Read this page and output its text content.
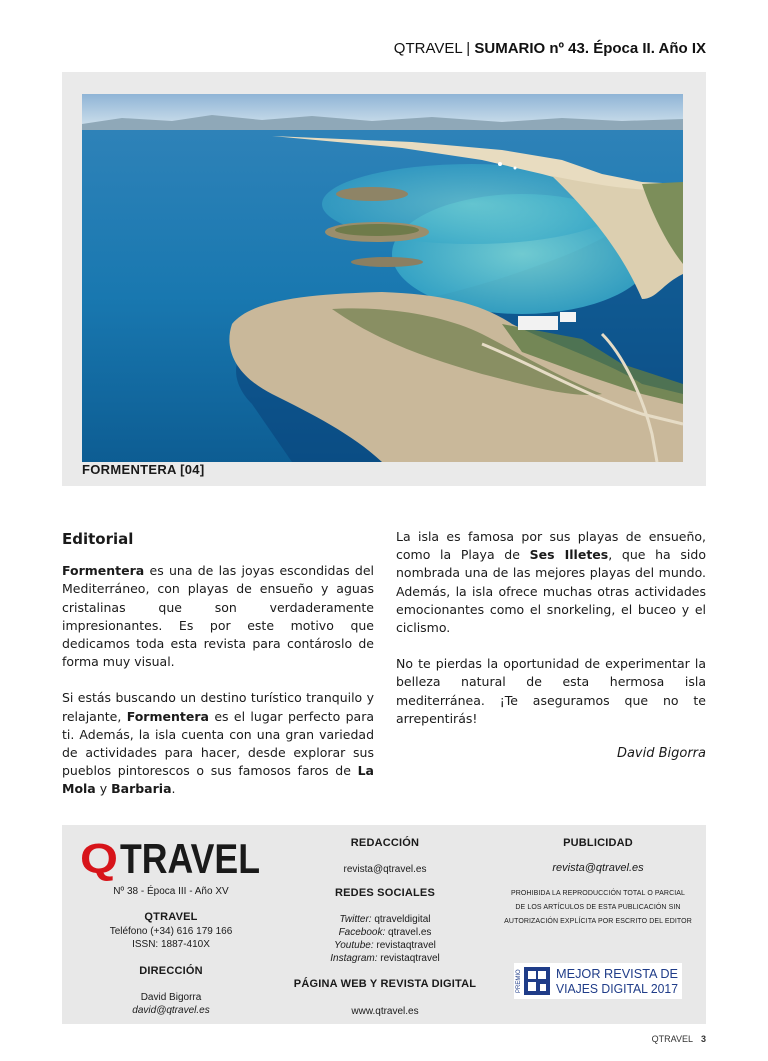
QTRAVEL | SUMARIO nº 43. Época II. Año IX
FORMENTERA [04]
Editorial

Formentera es una de las joyas escondidas del Mediterráneo, con playas de ensueño y aguas cristalinas que son verdaderamente impresionantes. Es por este motivo que dedicamos toda esta revista para contároslo de forma muy visual.

Si estás buscando un destino turístico tranquilo y relajante, Formentera es el lugar perfecto para ti. Además, la isla cuenta con una gran variedad de actividades para hacer, desde explorar sus pueblos pintorescos o sus famosos faros de La Mola y Barbaria.

La isla es famosa por sus playas de ensueño, como la Playa de Ses Illetes, que ha sido nombrada una de las mejores playas del mundo. Además, la isla ofrece muchas otras actividades emocionantes como el snorkeling, el buceo y el ciclismo.

No te pierdas la oportunidad de experimentar la belleza natural de esta hermosa isla mediterránea. ¡Te aseguramos que no te arrepentirás!

David Bigorra
Q TRAVEL
Nº 38 - Época III - Año XV
QTRAVEL
Teléfono (+34) 616 179 166
ISSN: 1887-410X
DIRECCIÓN
David Bigorra
david@qtravel.es
REDACCIÓN
revista@qtravel.es
REDES SOCIALES
Twitter: qtraveldigital
Facebook: qtravel.es
Youtube: revistaqtravel
Instagram: revistaqtravel
PÁGINA WEB Y REVISTA DIGITAL
www.qtravel.es
PUBLICIDAD
revista@qtravel.es
PROHIBIDA LA REPRODUCCIÓN TOTAL O PARCIAL
DE LOS ARTÍCULOS DE ESTA PUBLICACIÓN SIN
AUTORIZACIÓN EXPLÍCITA POR ESCRITO DEL EDITOR
PREMIO	MEJOR REVISTA DE
VIAJES DIGITAL 2017
QTRAVEL 3
